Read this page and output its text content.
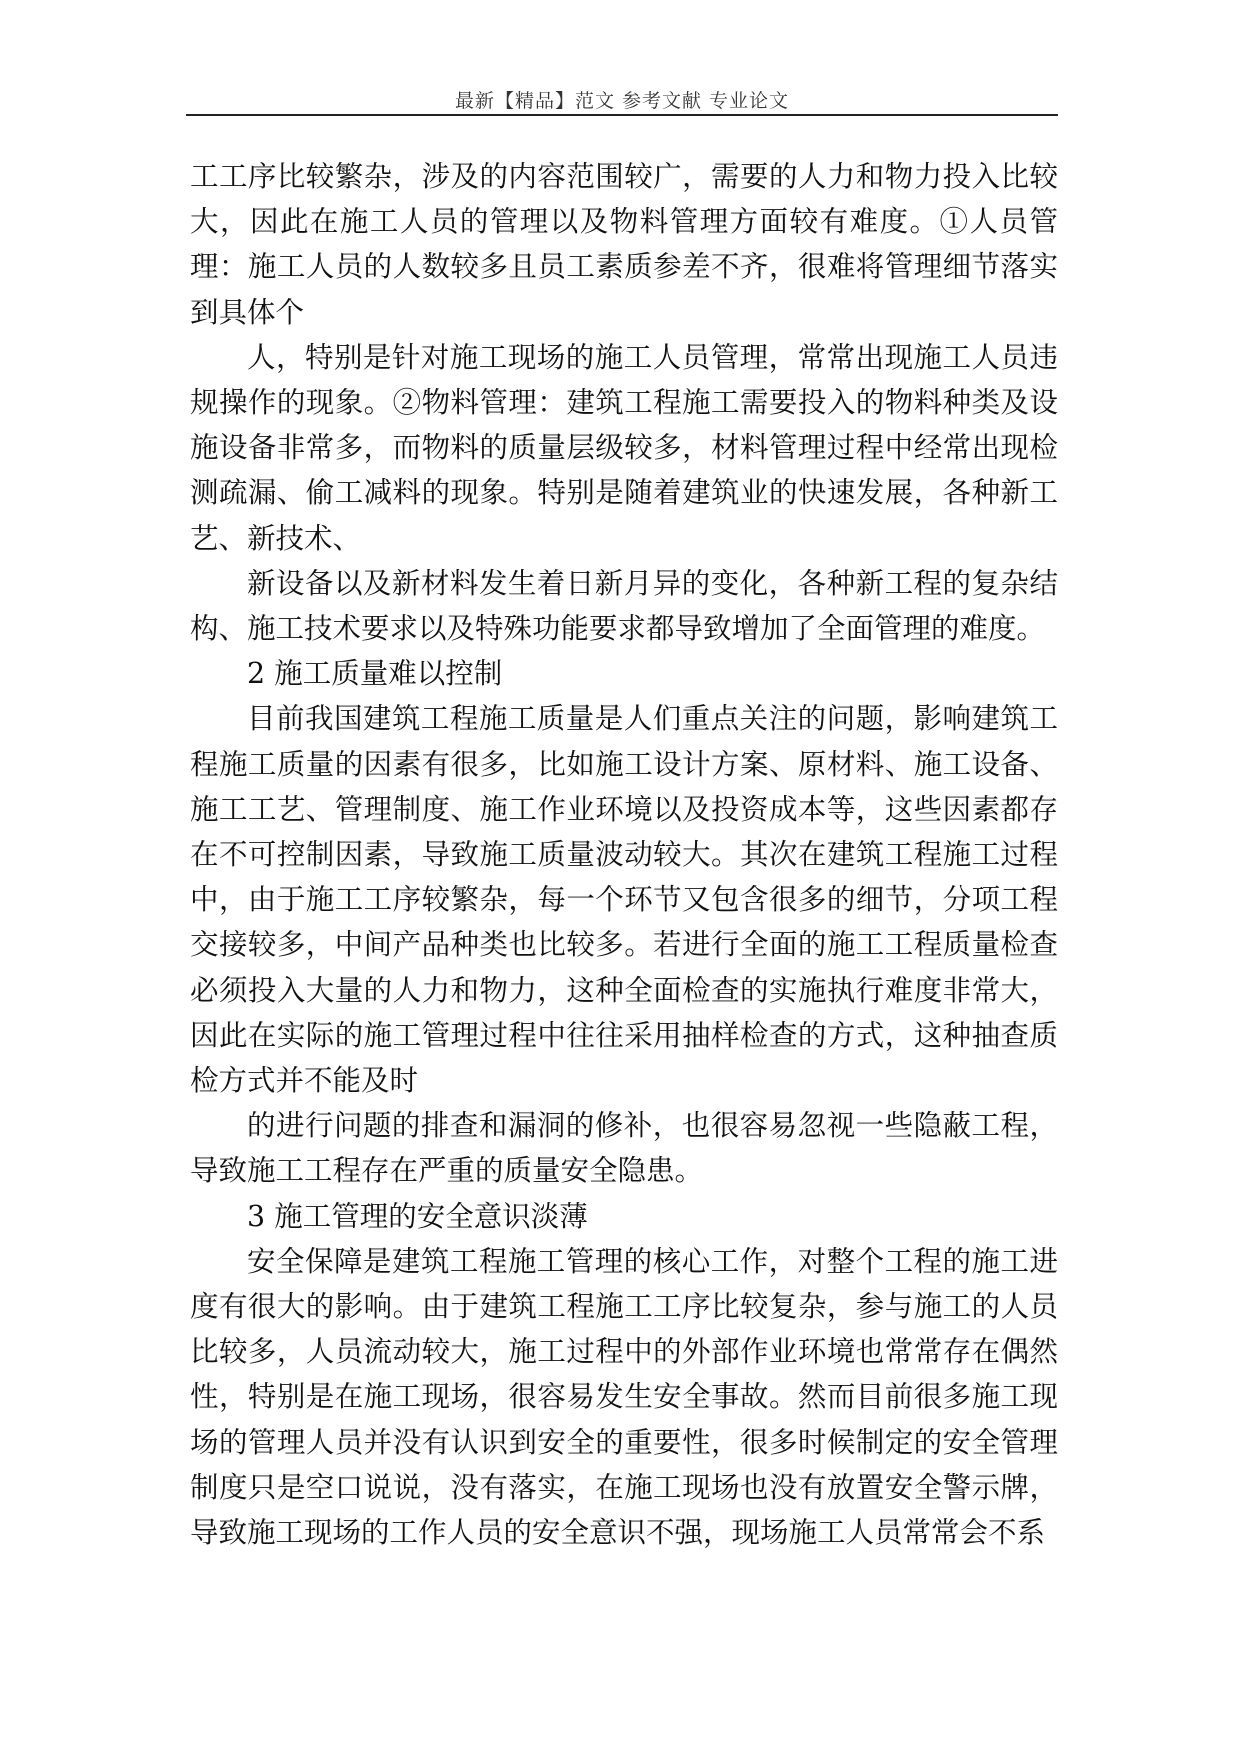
最新【精品】范文 参考文献 专业论文

工工序比较繁杂，涉及的内容范围较广，需要的人力和物力投入比较大，因此在施工人员的管理以及物料管理方面较有难度。①人员管理：施工人员的人数较多且员工素质参差不齐，很难将管理细节落实到具体个

人，特别是针对施工现场的施工人员管理，常常出现施工人员违规操作的现象。②物料管理：建筑工程施工需要投入的物料种类及设施设备非常多，而物料的质量层级较多，材料管理过程中经常出现检测疏漏、偷工减料的现象。特别是随着建筑业的快速发展，各种新工艺、新技术、

新设备以及新材料发生着日新月异的变化，各种新工程的复杂结构、施工技术要求以及特殊功能要求都导致增加了全面管理的难度。

2 施工质量难以控制

目前我国建筑工程施工质量是人们重点关注的问题，影响建筑工程施工质量的因素有很多，比如施工设计方案、原材料、施工设备、施工工艺、管理制度、施工作业环境以及投资成本等，这些因素都存在不可控制因素，导致施工质量波动较大。其次在建筑工程施工过程中，由于施工工序较繁杂，每一个环节又包含很多的细节，分项工程交接较多，中间产品种类也比较多。若进行全面的施工工程质量检查必须投入大量的人力和物力，这种全面检查的实施执行难度非常大，因此在实际的施工管理过程中往往采用抽样检查的方式，这种抽查质检方式并不能及时

的进行问题的排查和漏洞的修补，也很容易忽视一些隐蔽工程，导致施工工程存在严重的质量安全隐患。

3 施工管理的安全意识淡薄

安全保障是建筑工程施工管理的核心工作，对整个工程的施工进度有很大的影响。由于建筑工程施工工序比较复杂，参与施工的人员比较多，人员流动较大，施工过程中的外部作业环境也常常存在偶然性，特别是在施工现场，很容易发生安全事故。然而目前很多施工现场的管理人员并没有认识到安全的重要性，很多时候制定的安全管理制度只是空口说说，没有落实，在施工现场也没有放置安全警示牌，导致施工现场的工作人员的安全意识不强，现场施工人员常常会不系
